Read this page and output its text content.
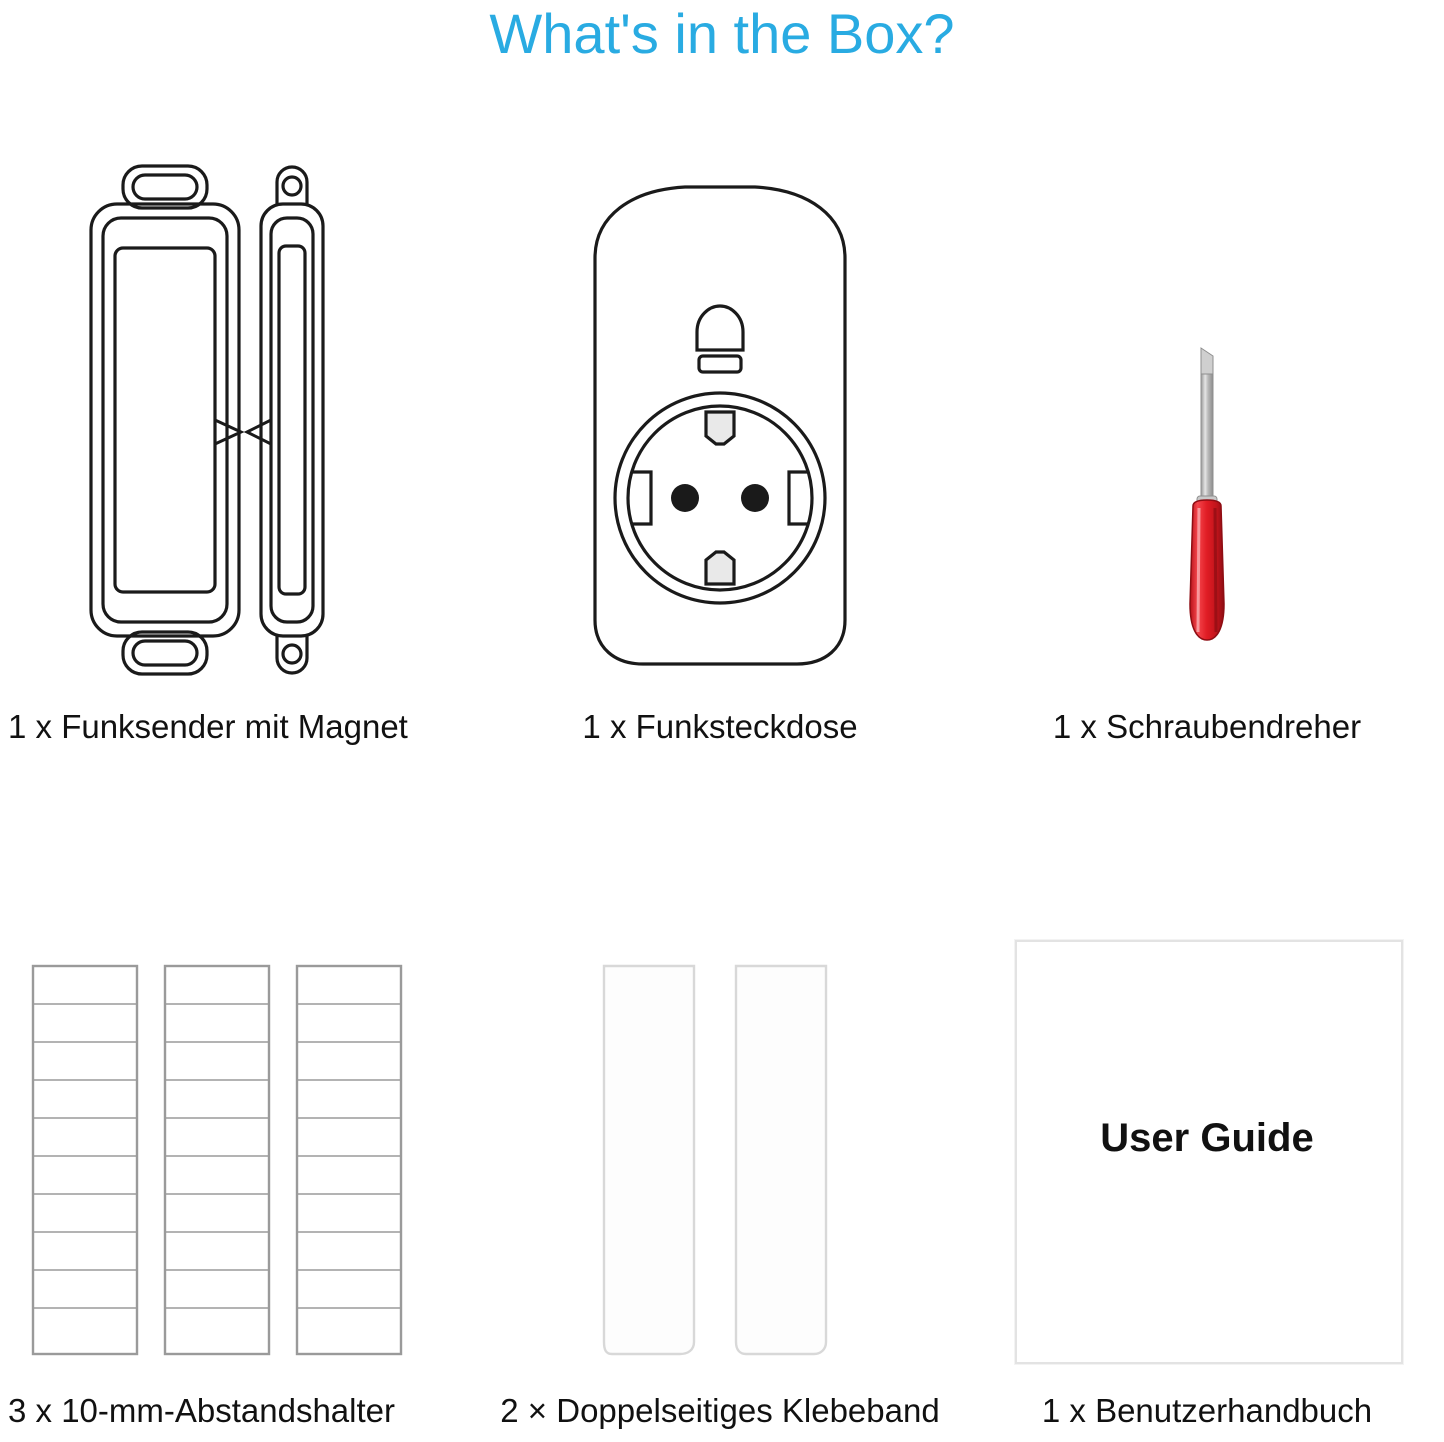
What's in the Box?
1 x Funksender mit Magnet	1 x Funksteckdose	1 x Schraubendreher
3 x 10-mm-Abstandshalter	2 × Doppelseitiges Klebeband
User Guide
1 x Benutzerhandbuch
